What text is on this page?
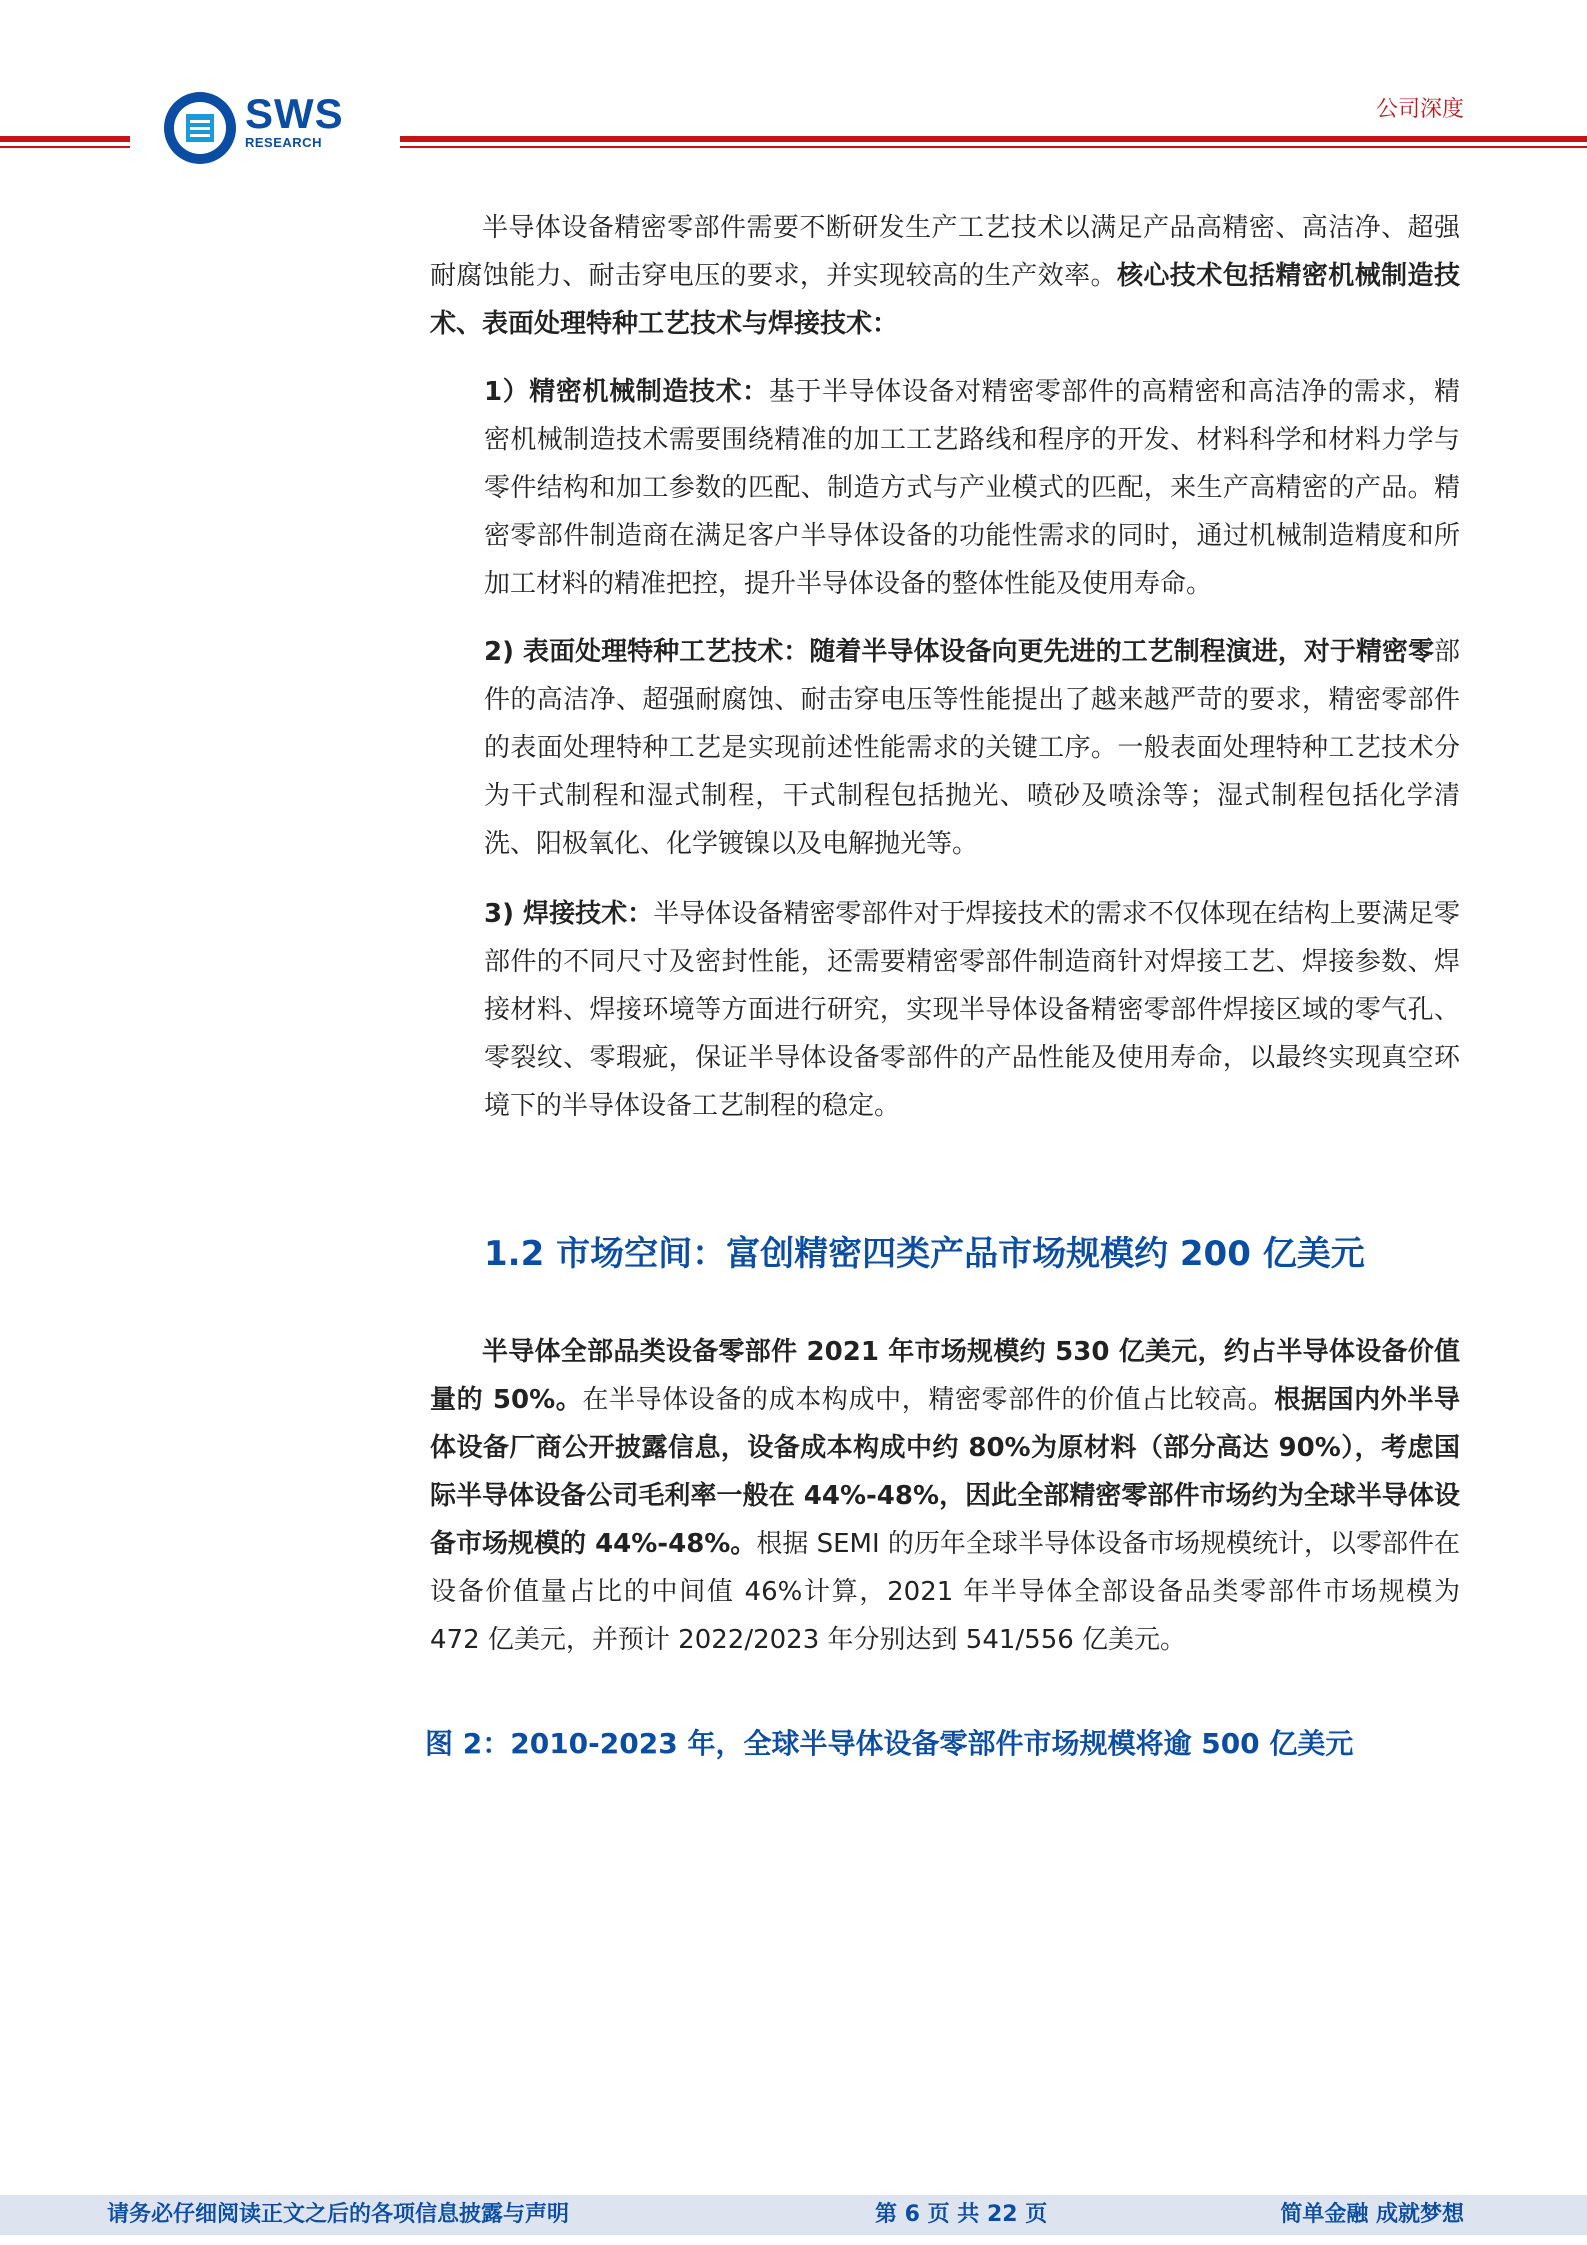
SWS
RESEARCH
公司深度
半导体设备精密零部件需要不断研发生产工艺技术以满足产品高精密、高洁净、超强耐腐蚀能力、耐击穿电压的要求，并实现较高的生产效率。核心技术包括精密机械制造技术、表面处理特种工艺技术与焊接技术：
1）精密机械制造技术：基于半导体设备对精密零部件的高精密和高洁净的需求，精密机械制造技术需要围绕精准的加工工艺路线和程序的开发、材料科学和材料力学与零件结构和加工参数的匹配、制造方式与产业模式的匹配，来生产高精密的产品。精密零部件制造商在满足客户半导体设备的功能性需求的同时，通过机械制造精度和所加工材料的精准把控，提升半导体设备的整体性能及使用寿命。
2) 表面处理特种工艺技术：随着半导体设备向更先进的工艺制程演进，对于精密零部件的高洁净、超强耐腐蚀、耐击穿电压等性能提出了越来越严苛的要求，精密零部件的表面处理特种工艺是实现前述性能需求的关键工序。一般表面处理特种工艺技术分为干式制程和湿式制程，干式制程包括抛光、喷砂及喷涂等；湿式制程包括化学清洗、阳极氧化、化学镀镍以及电解抛光等。
3) 焊接技术：半导体设备精密零部件对于焊接技术的需求不仅体现在结构上要满足零部件的不同尺寸及密封性能，还需要精密零部件制造商针对焊接工艺、焊接参数、焊接材料、焊接环境等方面进行研究，实现半导体设备精密零部件焊接区域的零气孔、零裂纹、零瑕疵，保证半导体设备零部件的产品性能及使用寿命，以最终实现真空环境下的半导体设备工艺制程的稳定。
1.2 市场空间：富创精密四类产品市场规模约 200 亿美元
半导体全部品类设备零部件 2021 年市场规模约 530 亿美元，约占半导体设备价值量的 50%。在半导体设备的成本构成中，精密零部件的价值占比较高。根据国内外半导体设备厂商公开披露信息，设备成本构成中约 80%为原材料（部分高达 90%），考虑国际半导体设备公司毛利率一般在 44%-48%，因此全部精密零部件市场约为全球半导体设备市场规模的 44%-48%。根据 SEMI 的历年全球半导体设备市场规模统计，以零部件在设备价值量占比的中间值 46%计算，2021 年半导体全部设备品类零部件市场规模为 472 亿美元，并预计 2022/2023 年分别达到 541/556 亿美元。
图 2：2010-2023 年，全球半导体设备零部件市场规模将逾 500 亿美元
请务必仔细阅读正文之后的各项信息披露与声明	第 6 页 共 22 页	简单金融 成就梦想
